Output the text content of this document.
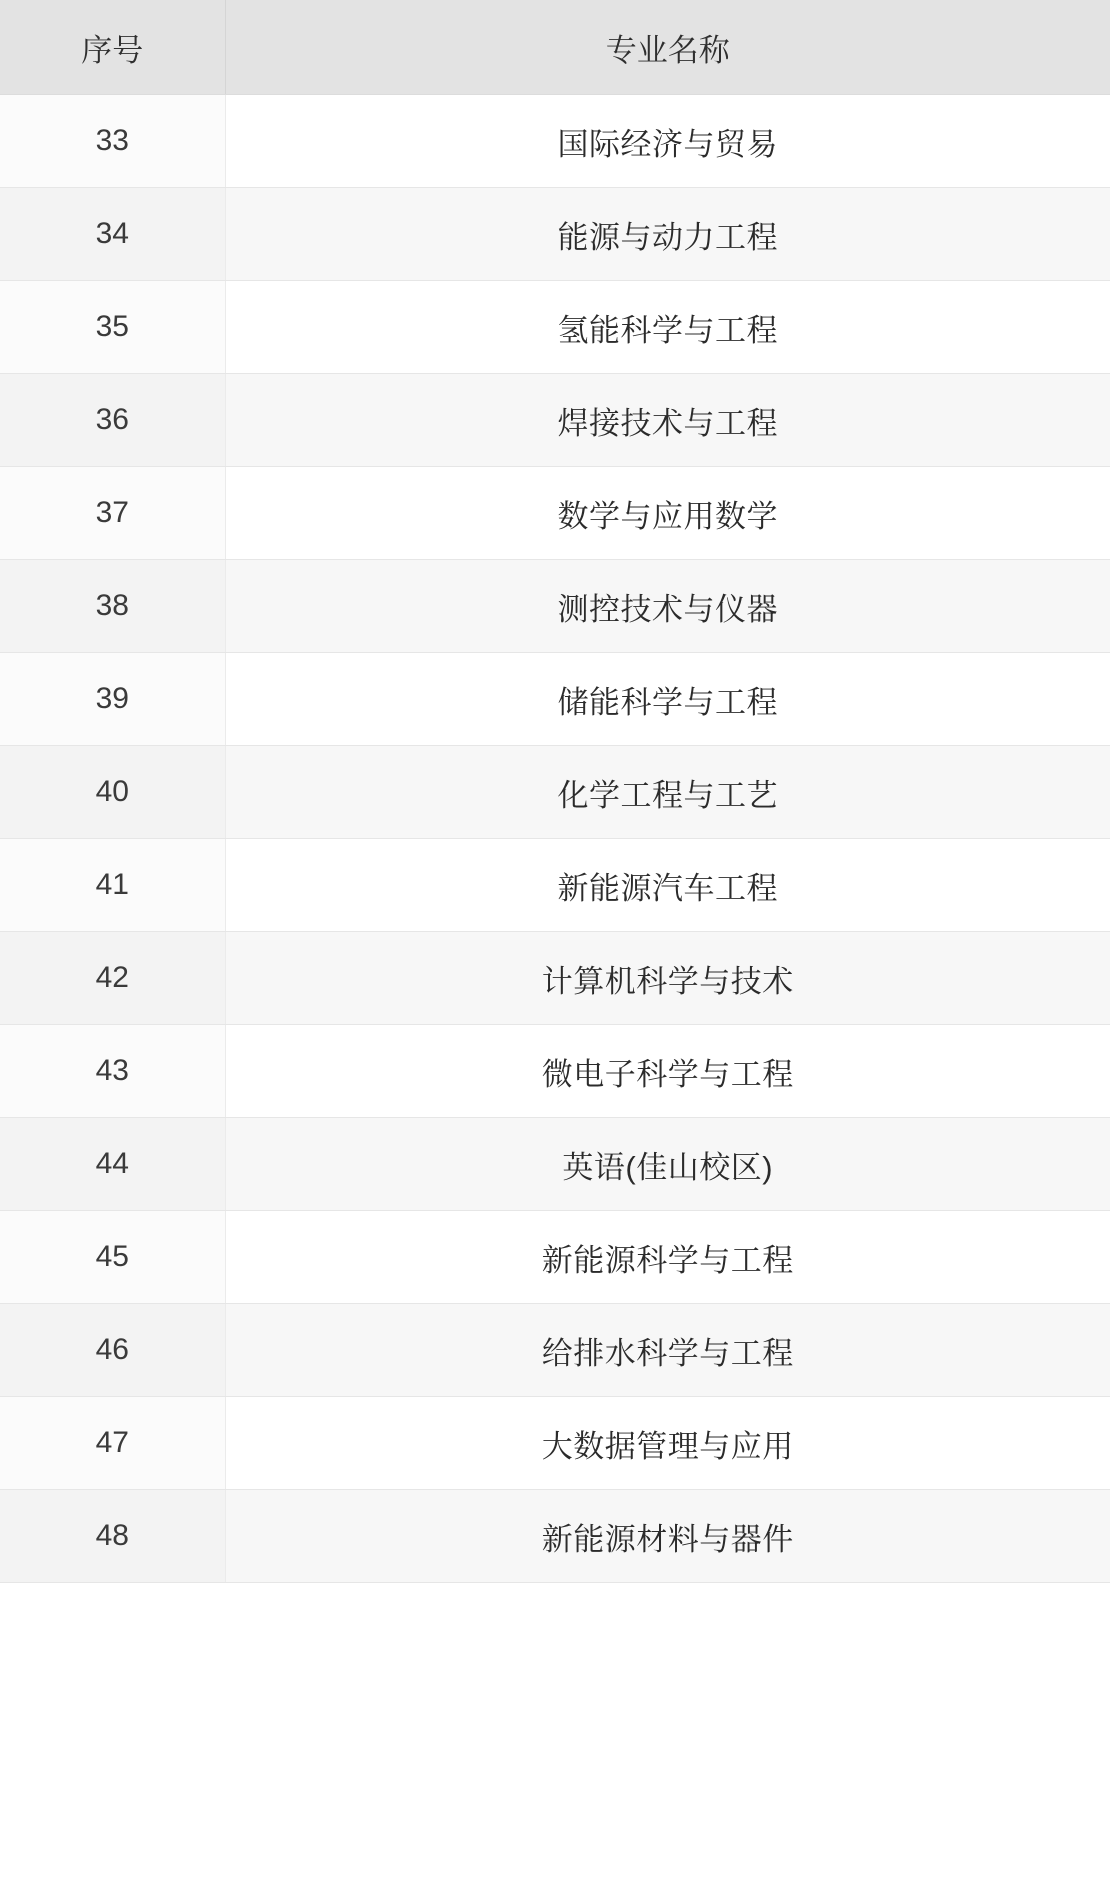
序号	专业名称
33	国际经济与贸易
34	能源与动力工程
35	氢能科学与工程
36	焊接技术与工程
37	数学与应用数学
38	测控技术与仪器
39	储能科学与工程
40	化学工程与工艺
41	新能源汽车工程
42	计算机科学与技术
43	微电子科学与工程
44	英语(佳山校区)
45	新能源科学与工程
46	给排水科学与工程
47	大数据管理与应用
48	新能源材料与器件
